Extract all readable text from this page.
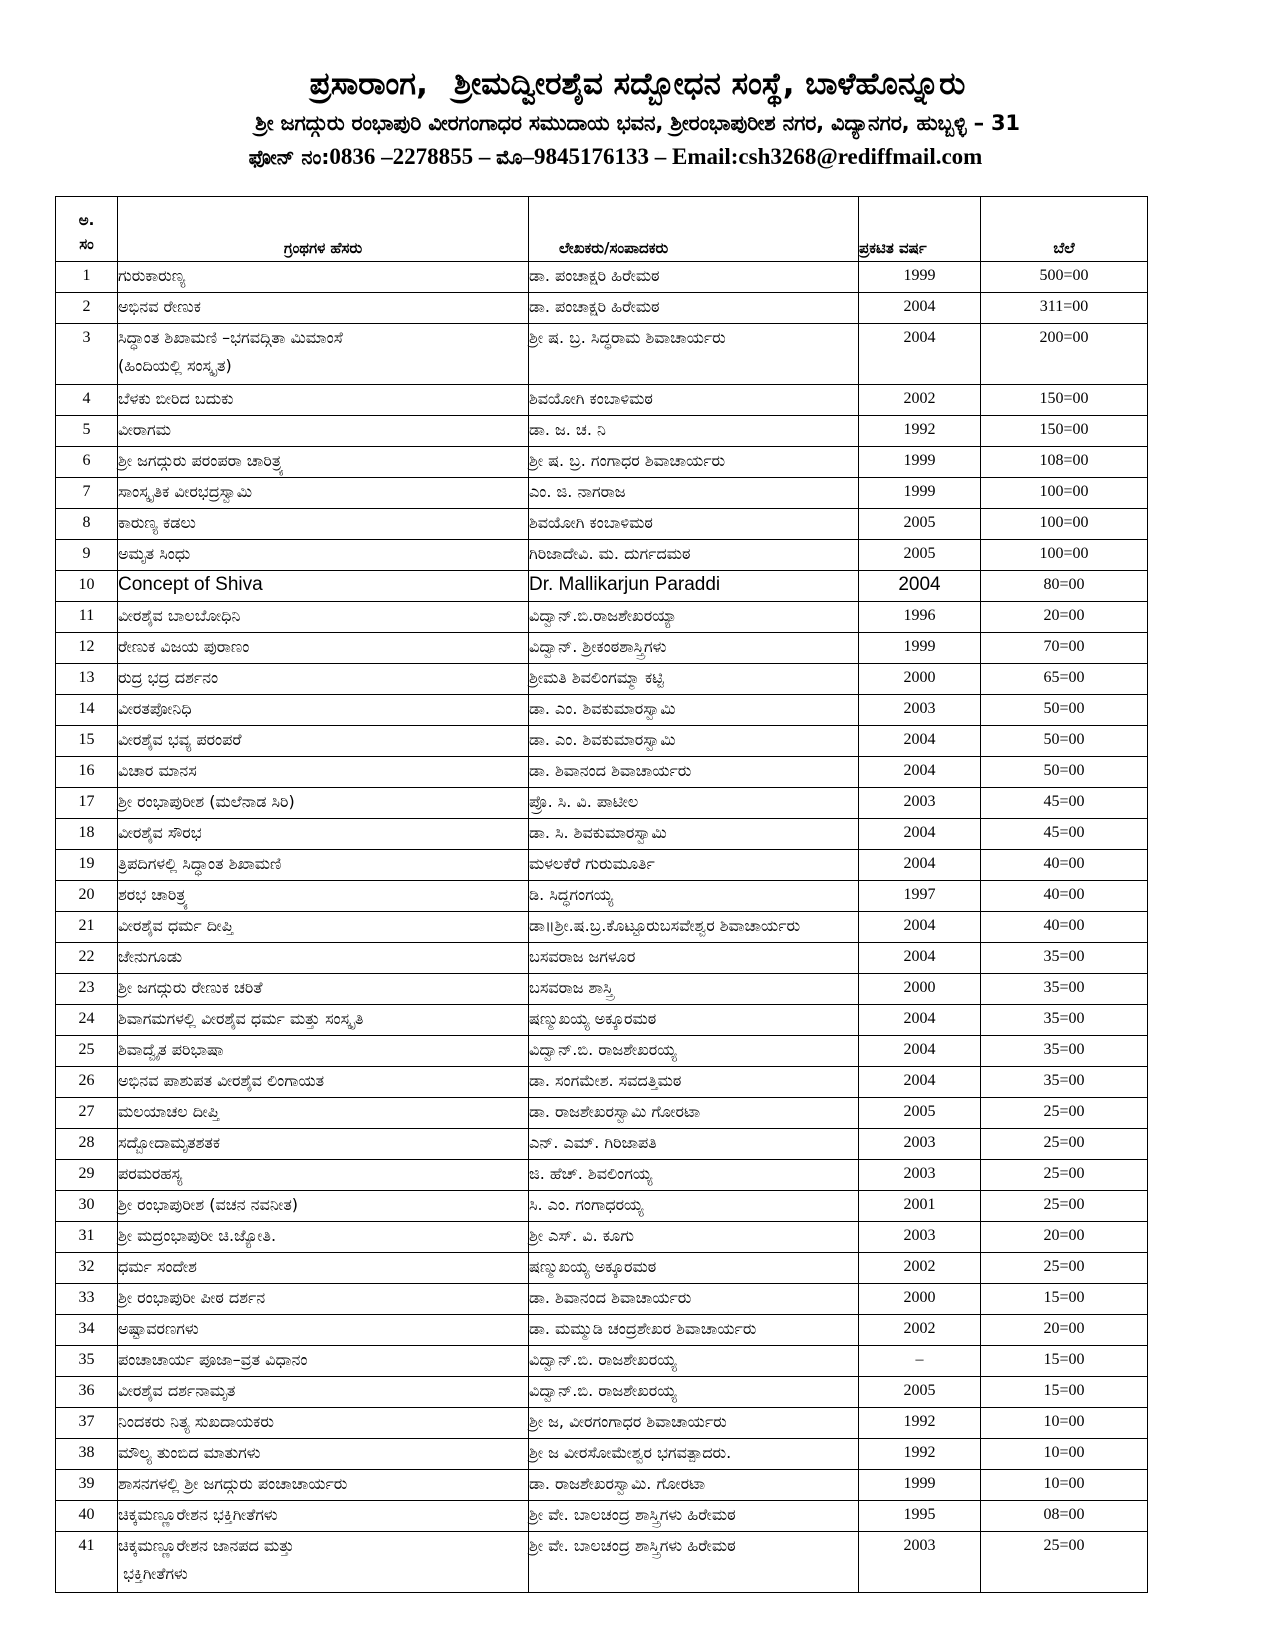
ಪ್ರಸಾರಾಂಗ, ಶ್ರೀಮದ್ವೀರಶೈವ ಸದ್ಬೋಧನ ಸಂಸ್ಥೆ, ಬಾಳೆಹೊನ್ನೂರು
ಶ್ರೀ ಜಗದ್ಗುರು ರಂಭಾಪುರಿ ವೀರಗಂಗಾಧರ ಸಮುದಾಯ ಭವನ, ಶ್ರೀರಂಭಾಪುರೀಶ ನಗರ, ವಿದ್ಯಾನಗರ, ಹುಬ್ಬಳ್ಳಿ – 31
ಫೋನ್ ನಂ:0836 –2278855 – ಮೊ–9845176133 – Email:csh3268@rediffmail.com
ಅ.
ಸಂ	ಗ್ರಂಥಗಳ ಹೆಸರು	ಲೇಖಕರು/ಸಂಪಾದಕರು	ಪ್ರಕಟಿತ ವರ್ಷ	ಬೆಲೆ
1	ಗುರುಕಾರುಣ್ಯ	ಡಾ. ಪಂಚಾಕ್ಷರಿ ಹಿರೇಮಠ	1999	500=00
2	ಅಭಿನವ ರೇಣುಕ	ಡಾ. ಪಂಚಾಕ್ಷರಿ ಹಿರೇಮಠ	2004	311=00
3	ಸಿದ್ಧಾಂತ ಶಿಖಾಮಣಿ –ಭಗವದ್ಗಿತಾ ಮಿಮಾಂಸೆ
(ಹಿಂದಿಯಲ್ಲಿ ಸಂಸ್ಕೃತ)	ಶ್ರೀ ಷ. ಬ್ರ. ಸಿದ್ಧರಾಮ ಶಿವಾಚಾರ್ಯರು	2004	200=00
4	ಬೆಳಕು ಬೀರಿದ ಬದುಕು	ಶಿವಯೋಗಿ ಕಂಬಾಳಿಮಠ	2002	150=00
5	ವೀರಾಗಮ	ಡಾ. ಜ. ಚ. ನಿ	1992	150=00
6	ಶ್ರೀ ಜಗದ್ಗುರು ಪರಂಪರಾ ಚಾರಿತ್ರ್ಯ	ಶ್ರೀ ಷ. ಬ್ರ. ಗಂಗಾಧರ ಶಿವಾಚಾರ್ಯರು	1999	108=00
7	ಸಾಂಸ್ಕೃತಿಕ ವೀರಭದ್ರಸ್ವಾಮಿ	ಎಂ. ಜಿ. ನಾಗರಾಜ	1999	100=00
8	ಕಾರುಣ್ಯ ಕಡಲು	ಶಿವಯೋಗಿ ಕಂಬಾಳಿಮಠ	2005	100=00
9	ಅಮೃತ ಸಿಂಧು	ಗಿರಿಜಾದೇವಿ. ಮ. ದುರ್ಗದಮಠ	2005	100=00
10	Concept of Shiva	Dr. Mallikarjun Paraddi	2004	80=00
11	ವೀರಶೈವ ಬಾಲಬೋಧಿನಿ	ವಿದ್ವಾನ್.ಬಿ.ರಾಜಶೇಖರಯ್ಯಾ	1996	20=00
12	ರೇಣುಕ ವಿಜಯ ಪುರಾಣಂ	ವಿದ್ವಾನ್. ಶ್ರೀಕಂಠಶಾಸ್ತ್ರಿಗಳು	1999	70=00
13	ರುದ್ರ ಭದ್ರ ದರ್ಶನಂ	ಶ್ರೀಮತಿ ಶಿವಲಿಂಗಮ್ಮಾ ಕಟ್ಟಿ	2000	65=00
14	ವೀರತಪೋನಿಧಿ	ಡಾ. ಎಂ. ಶಿವಕುಮಾರಸ್ವಾಮಿ	2003	50=00
15	ವೀರಶೈವ ಭವ್ಯ ಪರಂಪರೆ	ಡಾ. ಎಂ. ಶಿವಕುಮಾರಸ್ವಾಮಿ	2004	50=00
16	ವಿಚಾರ ಮಾನಸ	ಡಾ. ಶಿವಾನಂದ ಶಿವಾಚಾರ್ಯರು	2004	50=00
17	ಶ್ರೀ ರಂಭಾಪುರೀಶ (ಮಲೆನಾಡ ಸಿರಿ)	ಪ್ರೊ. ಸಿ. ವಿ. ಪಾಟೀಲ	2003	45=00
18	ವೀರಶೈವ ಸೌರಭ	ಡಾ. ಸಿ. ಶಿವಕುಮಾರಸ್ವಾಮಿ	2004	45=00
19	ತ್ರಿಪದಿಗಳಲ್ಲಿ ಸಿದ್ಧಾಂತ ಶಿಖಾಮಣಿ	ಮಳಲಕೆರೆ ಗುರುಮೂರ್ತಿ	2004	40=00
20	ಶರಭ ಚಾರಿತ್ರ್ಯ	ಡಿ. ಸಿದ್ಧಗಂಗಯ್ಯ	1997	40=00
21	ವೀರಶೈವ ಧರ್ಮ ದೀಪ್ತಿ	ಡಾ॥ಶ್ರೀ.ಷ.ಬ್ರ.ಕೊಟ್ಟೂರುಬಸವೇಶ್ವರ ಶಿವಾಚಾರ್ಯರು	2004	40=00
22	ಜೇನುಗೂಡು	ಬಸವರಾಜ ಜಗಳೂರ	2004	35=00
23	ಶ್ರೀ ಜಗದ್ಗುರು ರೇಣುಕ ಚರಿತೆ	ಬಸವರಾಜ ಶಾಸ್ತ್ರಿ	2000	35=00
24	ಶಿವಾಗಮಗಳಲ್ಲಿ ವೀರಶೈವ ಧರ್ಮ ಮತ್ತು ಸಂಸ್ಕೃತಿ	ಷಣ್ಮುಖಯ್ಯ ಅಕ್ಕೂರಮಠ	2004	35=00
25	ಶಿವಾದ್ವೈತ ಪರಿಭಾಷಾ	ವಿದ್ವಾನ್.ಬಿ. ರಾಜಶೇಖರಯ್ಯ	2004	35=00
26	ಅಭಿನವ ಪಾಶುಪತ ವೀರಶೈವ ಲಿಂಗಾಯತ	ಡಾ. ಸಂಗಮೇಶ. ಸವದತ್ತಿಮಠ	2004	35=00
27	ಮಲಯಾಚಲ ದೀಪ್ತಿ	ಡಾ. ರಾಜಶೇಖರಸ್ವಾಮಿ ಗೋರಟಾ	2005	25=00
28	ಸದ್ಬೋದಾಮೃತಶತಕ	ಎನ್. ಎಮ್. ಗಿರಿಜಾಪತಿ	2003	25=00
29	ಪರಮರಹಸ್ಯ	ಜಿ. ಹೆಚ್. ಶಿವಲಿಂಗಯ್ಯ	2003	25=00
30	ಶ್ರೀ ರಂಭಾಪುರೀಶ (ವಚನ ನವನೀತ)	ಸಿ. ಎಂ. ಗಂಗಾಧರಯ್ಯ	2001	25=00
31	ಶ್ರೀ ಮದ್ರಂಭಾಪುರೀ ಚಿ.ಜ್ಯೋತಿ.	ಶ್ರೀ ಎಸ್. ವಿ. ಕೂಗು	2003	20=00
32	ಧರ್ಮ ಸಂದೇಶ	ಷಣ್ಮುಖಯ್ಯ ಅಕ್ಕೂರಮಠ	2002	25=00
33	ಶ್ರೀ ರಂಭಾಪುರೀ ಪೀಠ ದರ್ಶನ	ಡಾ. ಶಿವಾನಂದ ಶಿವಾಚಾರ್ಯರು	2000	15=00
34	ಅಷ್ಟಾವರಣಗಳು	ಡಾ. ಮಮ್ಮುಡಿ ಚಂದ್ರಶೇಖರ ಶಿವಾಚಾರ್ಯರು	2002	20=00
35	ಪಂಚಾಚಾರ್ಯ ಪೂಜಾ–ವ್ರತ ವಿಧಾನಂ	ವಿದ್ವಾನ್.ಬಿ. ರಾಜಶೇಖರಯ್ಯ	–	15=00
36	ವೀರಶೈವ ದರ್ಶನಾಮೃತ	ವಿದ್ವಾನ್.ಬಿ. ರಾಜಶೇಖರಯ್ಯ	2005	15=00
37	ನಿಂದಕರು ನಿತ್ಯ ಸುಖದಾಯಕರು	ಶ್ರೀ ಜ, ವೀರಗಂಗಾಧರ ಶಿವಾಚಾರ್ಯರು	1992	10=00
38	ಮೌಲ್ಯ ತುಂಬಿದ ಮಾತುಗಳು	ಶ್ರೀ ಜ ವೀರಸೋಮೇಶ್ವರ ಭಗವತ್ಪಾದರು.	1992	10=00
39	ಶಾಸನಗಳಲ್ಲಿ ಶ್ರೀ ಜಗದ್ಗುರು ಪಂಚಾಚಾರ್ಯರು	ಡಾ. ರಾಜಶೇಖರಸ್ವಾಮಿ. ಗೋರಟಾ	1999	10=00
40	ಚಿಕ್ಕಮಣ್ಣೂರೇಶನ ಭಕ್ತಿಗೀತೆಗಳು	ಶ್ರೀ ವೇ. ಬಾಲಚಂದ್ರ ಶಾಸ್ತ್ರಿಗಳು ಹಿರೇಮಠ	1995	08=00
41	ಚಿಕ್ಕಮಣ್ಣೂರೇಶನ ಜಾನಪದ ಮತ್ತು
ಭಕ್ತಿಗೀತೆಗಳು	ಶ್ರೀ ವೇ. ಬಾಲಚಂದ್ರ ಶಾಸ್ತ್ರಿಗಳು ಹಿರೇಮಠ	2003	25=00
